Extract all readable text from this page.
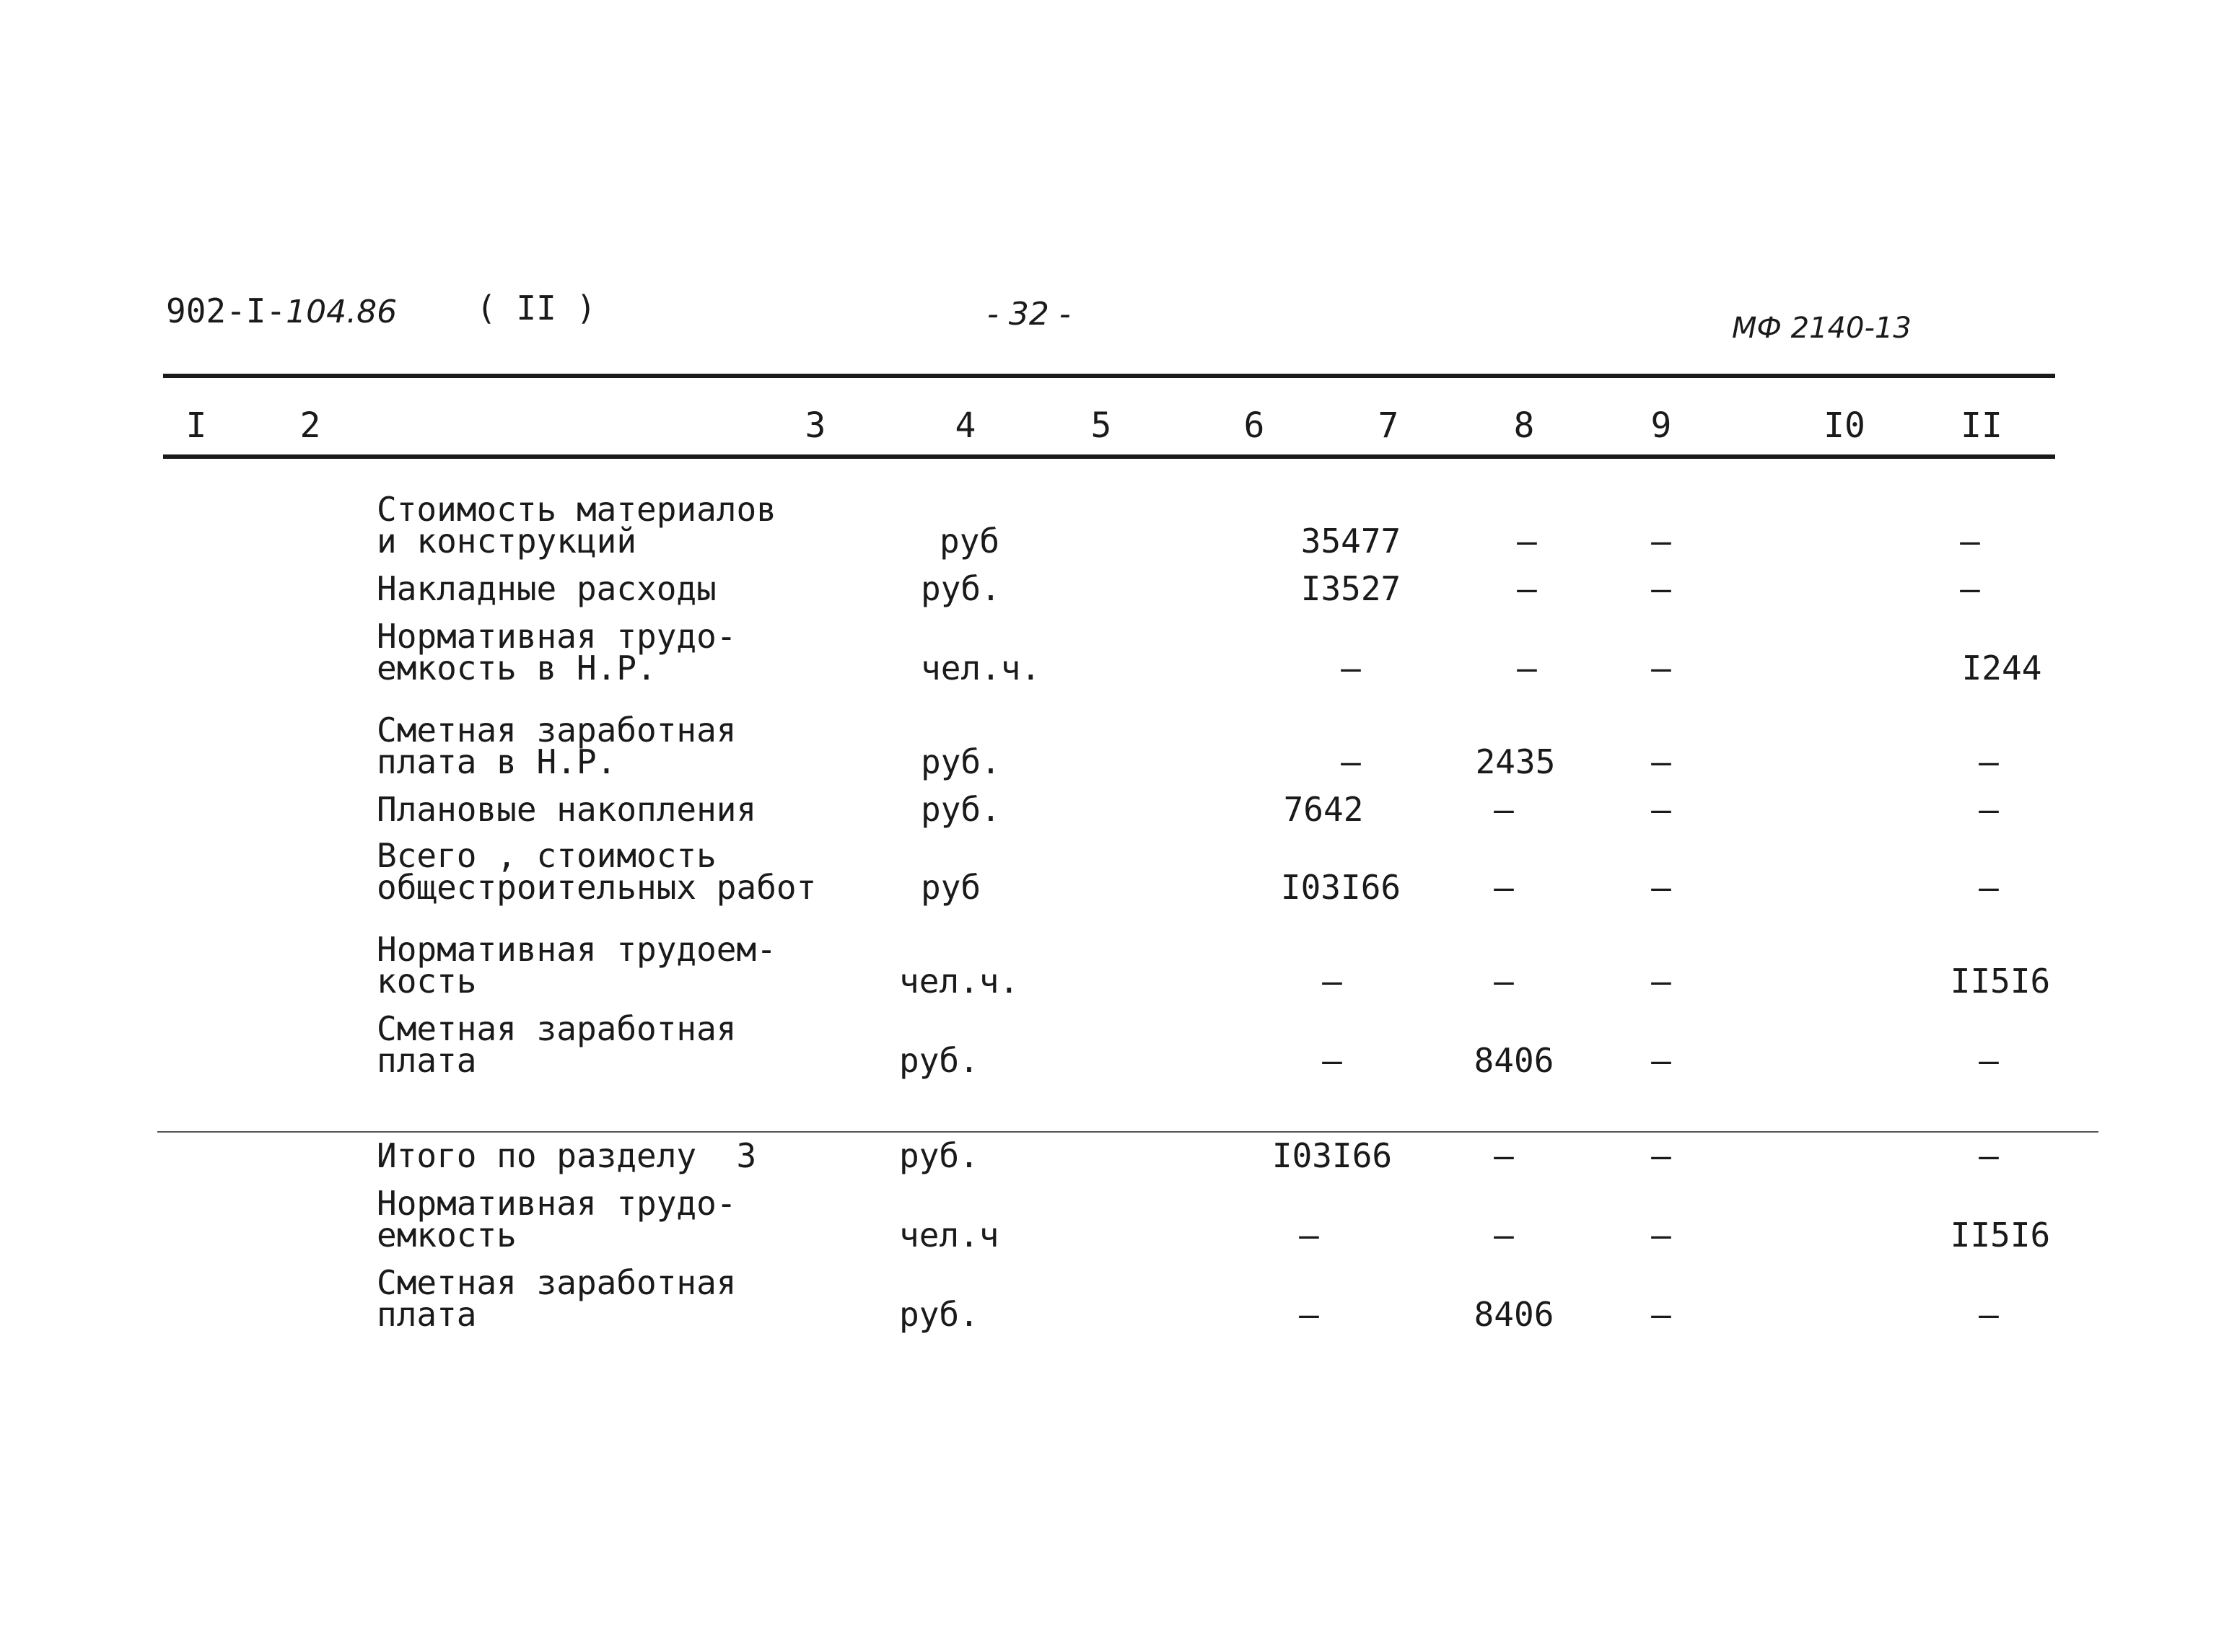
902-I-104.86 ( II )	- 32 -	МФ 2140-13
I	2	3	4	5	6	7	8	9	I0	II
Стоимость материалов
и конструкций	руб	35477	–	–	–
Накладные расходы	руб.	I3527	–	–	–
Нормативная трудо-
емкость в Н.Р.	чел.ч.	–	–	–	I244
Сметная заработная
плата в Н.Р.	руб.	–	2435	–	–
Плановые накопления	руб.	7642	–	–	–
Всего , стоимость
общестроительных работ	руб	I03I66	–	–	–
Нормативная трудоем-
кость	чел.ч.	–	–	–	II5I6
Сметная заработная
плата	руб.	–	8406	–	–
Итого по разделу  3	руб.	I03I66	–	–	–
Нормативная трудо-
емкость	чел.ч	–	–	–	II5I6
Сметная заработная
плата	руб.	–	8406	–	–
